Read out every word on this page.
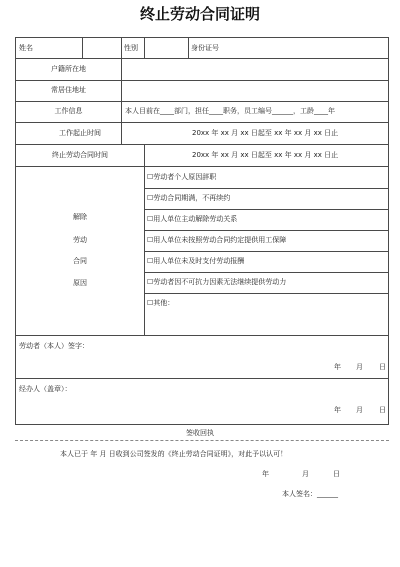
终止劳动合同证明
姓名	性别	身份证号
户籍所在地
常居住地址
工作信息	本人目前在____部门，担任____职务，员工编号______，工龄____年
工作起止时间	20xx 年 xx 月 xx 日起至 xx 年 xx 月 xx 日止
终止劳动合同时间	20xx 年 xx 月 xx 日起至 xx 年 xx 月 xx 日止
解除
劳动
合同
原因
☐劳动者个人原因辞职
☐劳动合同期满，不再续约
☐用人单位主动解除劳动关系
☐用人单位未按照劳动合同约定提供用工保障
☐用人单位未及时支付劳动报酬
☐劳动者因不可抗力因素无法继续提供劳动力
☐其他：
劳动者（本人）签字：
年 月 日
经办人（盖章）：
年 月 日
签收回执
本人已于 年 月 日收到公司签发的《终止劳动合同证明》，对此予以认可！
年	月	日
本人签名：______
